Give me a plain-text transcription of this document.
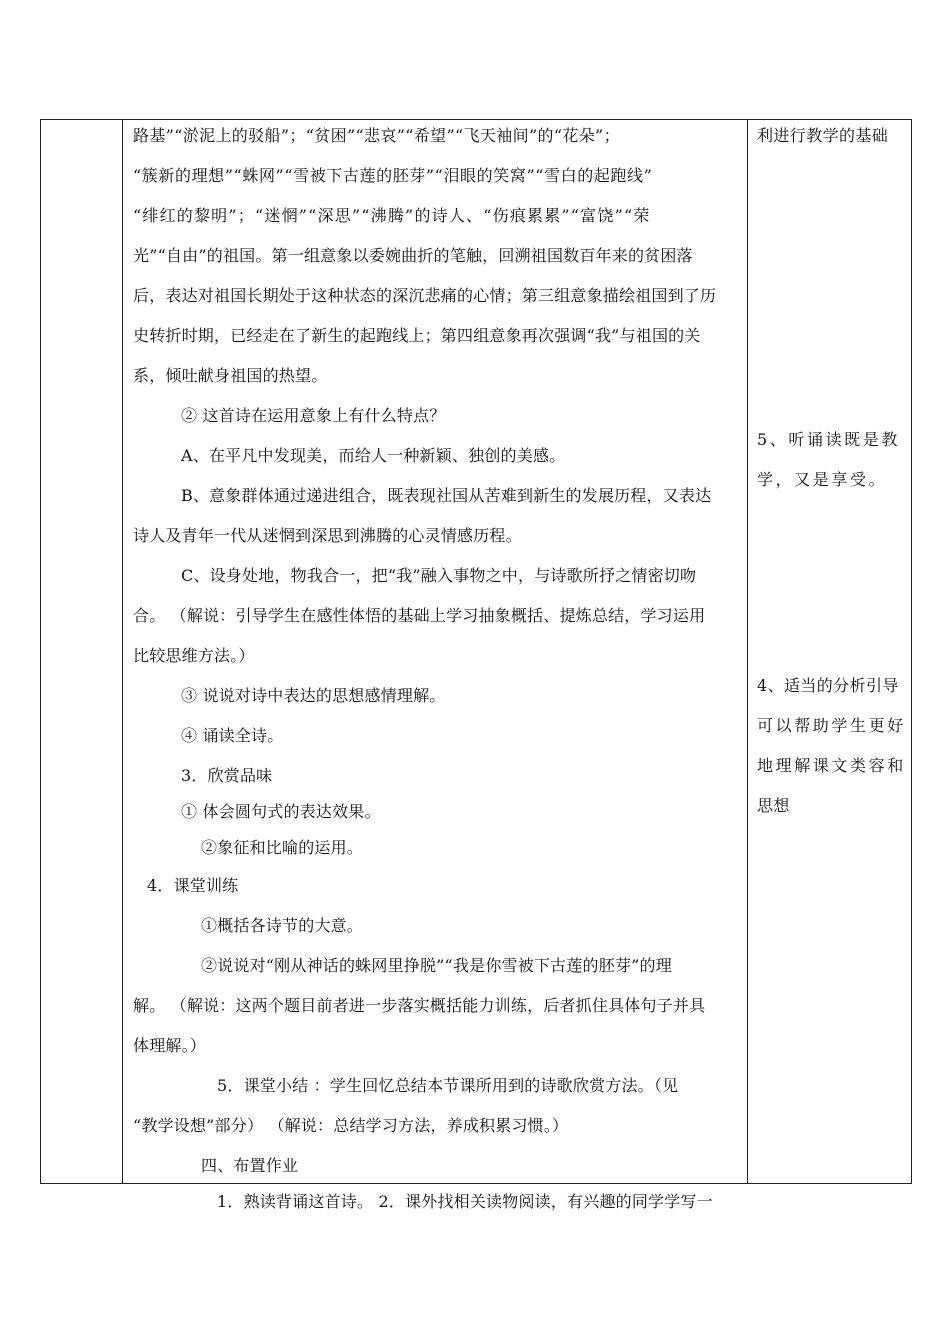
路基”“淤泥上的驳船”；“贫困”“悲哀”“希望”“飞天袖间”的“花朵”；
“簇新的理想”“蛛网”“雪被下古莲的胚芽”“泪眼的笑窝”“雪白的起跑线”
“绯红的黎明”；“迷惘”“深思”“沸腾”的诗人、“伤痕累累”“富饶”“荣
光”“自由”的祖国。第一组意象以委婉曲折的笔触，回溯祖国数百年来的贫困落
后，表达对祖国长期处于这种状态的深沉悲痛的心情；第三组意象描绘祖国到了历
史转折时期，已经走在了新生的起跑线上；第四组意象再次强调“我”与祖国的关
系，倾吐献身祖国的热望。
② 这首诗在运用意象上有什么特点？
A、在平凡中发现美，而给人一种新颖、独创的美感。
B、意象群体通过递进组合，既表现社国从苦难到新生的发展历程，又表达
诗人及青年一代从迷惘到深思到沸腾的心灵情感历程。
C、设身处地，物我合一，把“我”融入事物之中，与诗歌所抒之情密切吻
合。 （解说：引导学生在感性体悟的基础上学习抽象概括、提炼总结，学习运用
比较思维方法。）
③ 说说对诗中表达的思想感情理解。
④ 诵读全诗。
3．欣赏品味
① 体会圆句式的表达效果。
②象征和比喻的运用。
4．课堂训练
①概括各诗节的大意。
②说说对“刚从神话的蛛网里挣脱”“我是你雪被下古莲的胚芽”的理
解。 （解说：这两个题目前者进一步落实概括能力训练，后者抓住具体句子并具
体理解。）
5．课堂小结 ：学生回忆总结本节课所用到的诗歌欣赏方法。（见
“教学设想”部分） （解说：总结学习方法，养成积累习惯。）
四、布置作业
1．熟读背诵这首诗。 2．课外找相关读物阅读，有兴趣的同学学写一
利进行教学的基础
5、听诵读既是教
学，又是享受。
4、适当的分析引导
可以帮助学生更好
地理解课文类容和
思想
